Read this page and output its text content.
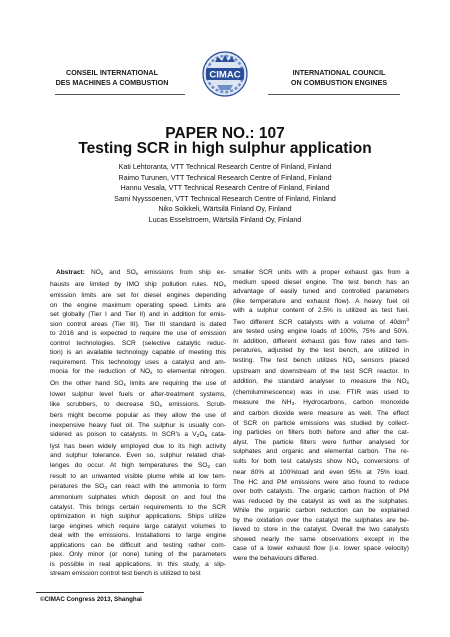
CONSEIL INTERNATIONAL
DES MACHINES A COMBUSTION
CIMAC	INTERNATIONAL COUNCIL
ON COMBUSTION ENGINES
PAPER NO.: 107
Testing SCR in high sulphur application
Kati Lehtoranta, VTT Technical Research Centre of Finland, Finland
Raimo Turunen, VTT Technical Research Centre of Finland, Finland
Hannu Vesala, VTT Technical Research Centre of Finland, Finland
Sami Nyyssoenen, VTT Technical Research Centre of Finland, Finland
Niko Soikkeli, Wärtsilä Finland Oy, Finland
Lucas Esselstroem, Wärtsilä Finland Oy, Finland
Abstract: $NO_x$ and $SO_x$ emissions from ship ex-
hausts are limited by IMO ship pollution rules. $NO_x$
emission limits are set for diesel engines depending
on the engine maximum operating speed. Limits are
set globally (Tier I and Tier II) and in addition for emis-
sion control areas (Tier III). Tier III standard is dated
to 2016 and is expected to require the use of emission
control technologies. SCR (selective catalytic reduc-
tion) is an available technology capable of meeting this
requirement. This technology uses a catalyst and am-
monia for the reduction of $NO_x$ to elemental nitrogen.
On the other hand $SO_x$ limits are requiring the use of
lower sulphur level fuels or after-treatment systems,
like scrubbers, to decrease $SO_x$ emissions. Scrub-
bers might become popular as they allow the use of
inexpensive heavy fuel oil. The sulphur is usually con-
sidered as poison to catalysts. In SCR's a $V_2O_5$ cata-
lyst has been widely employed due to its high activity
and sulphur tolerance. Even so, sulphur related chal-
lenges do occur. At high temperatures the $SO_2$ can
result to an unwanted visible plume while at low tem-
peratures the $SO_3$ can react with the ammonia to form
ammonium sulphates which deposit on and foul the
catalyst. This brings certain requirements to the SCR
optimization in high sulphur applications. Ships utilize
large engines which require large catalyst volumes to
deal with the emissions. Installations to large engine
applications can be difficult and testing rather com-
plex. Only minor (or none) tuning of the parameters
is possible in real applications. In this study, a slip-
stream emission control test bench is utilized to test
smaller SCR units with a proper exhaust gas from a
medium speed diesel engine. The test bench has an
advantage of easily tuned and controlled parameters
(like temperature and exhaust flow). A heavy fuel oil
with a sulphur content of 2.5% is utilized as test fuel.
Two different SCR catalysts with a volume of $40dm^3$
are tested using engine loads of 100%, 75% and 50%.
In addition, different exhaust gas flow rates and tem-
peratures, adjusted by the test bench, are utilized in
testing. The test bench utilizes $NO_x$ sensors placed
upstream and downstream of the test SCR reactor. In
addition, the standard analyser to measure the $NO_x$
(chemiluminescence) was in use. FTIR was used to
measure the $NH_3$. Hydrocarbons, carbon monoxide
and carbon dioxide were measure as well. The effect
of SCR on particle emissions was studied by collect-
ing particles on filters both before and after the cat-
alyst. The particle filters were further analysed for
sulphates and organic and elemental carbon. The re-
sults for both test catalysts show $NO_x$ conversions of
near 80% at 100%load and even 95% at 75% load.
The HC and PM emissions were also found to reduce
over both catalysts. The organic carbon fraction of PM
was reduced by the catalyst as well as the sulphates.
While the organic carbon reduction can be explained
by the oxidation over the catalyst the sulphates are be-
lieved to store in the catalyst. Overall the two catalysts
showed nearly the same observations except in the
case of a lower exhaust flow (i.e. lower space velocity)
were the behaviours differed.
©CIMAC Congress 2013, Shanghai
